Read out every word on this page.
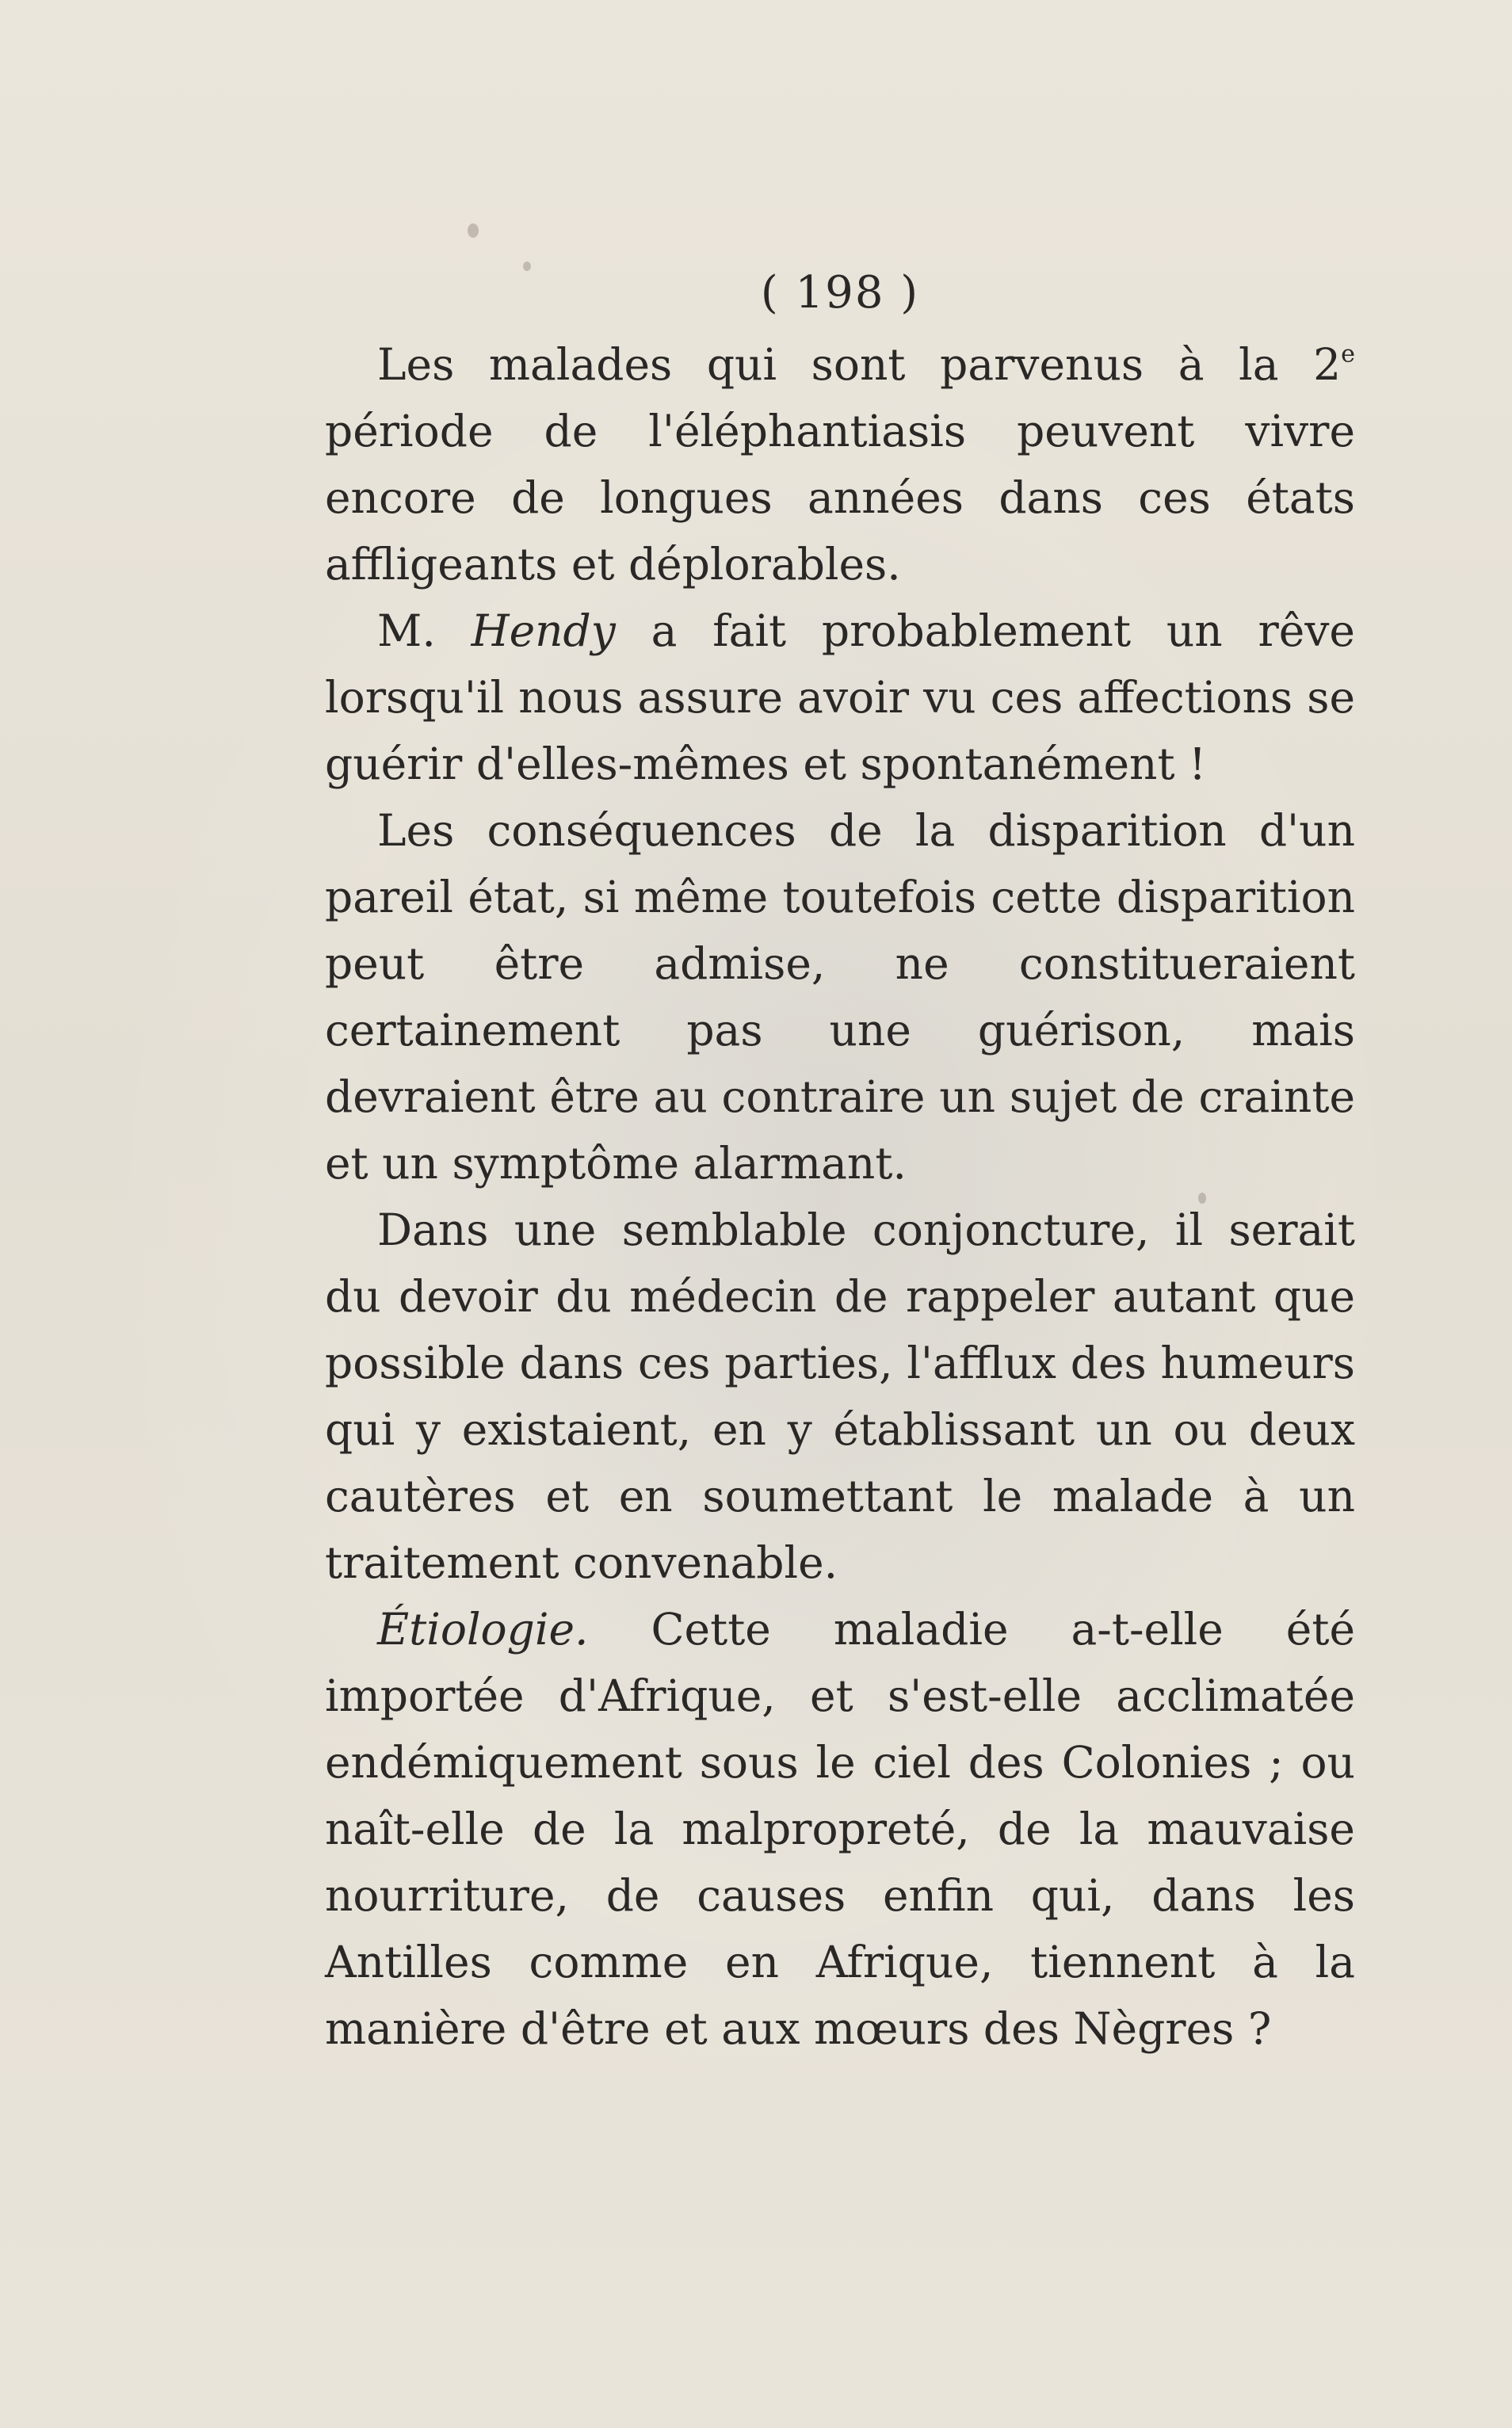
( 198 )

Les malades qui sont parvenus à la 2e période de l'éléphantiasis peuvent vivre encore de longues années dans ces états affligeants et déplorables.

M. Hendy a fait probablement un rêve lorsqu'il nous assure avoir vu ces affections se guérir d'elles-mêmes et spontanément !

Les conséquences de la disparition d'un pareil état, si même toutefois cette disparition peut être admise, ne constitueraient certainement pas une guérison, mais devraient être au contraire un sujet de crainte et un symptôme alarmant.

Dans une semblable conjoncture, il serait du devoir du médecin de rappeler autant que possible dans ces parties, l'afflux des humeurs qui y existaient, en y établissant un ou deux cautères et en soumettant le malade à un traitement convenable.

Étiologie. Cette maladie a-t-elle été importée d'Afrique, et s'est-elle acclimatée endémiquement sous le ciel des Colonies ; ou naît-elle de la malpropreté, de la mauvaise nourriture, de causes enfin qui, dans les Antilles comme en Afrique, tiennent à la manière d'être et aux mœurs des Nègres ?
